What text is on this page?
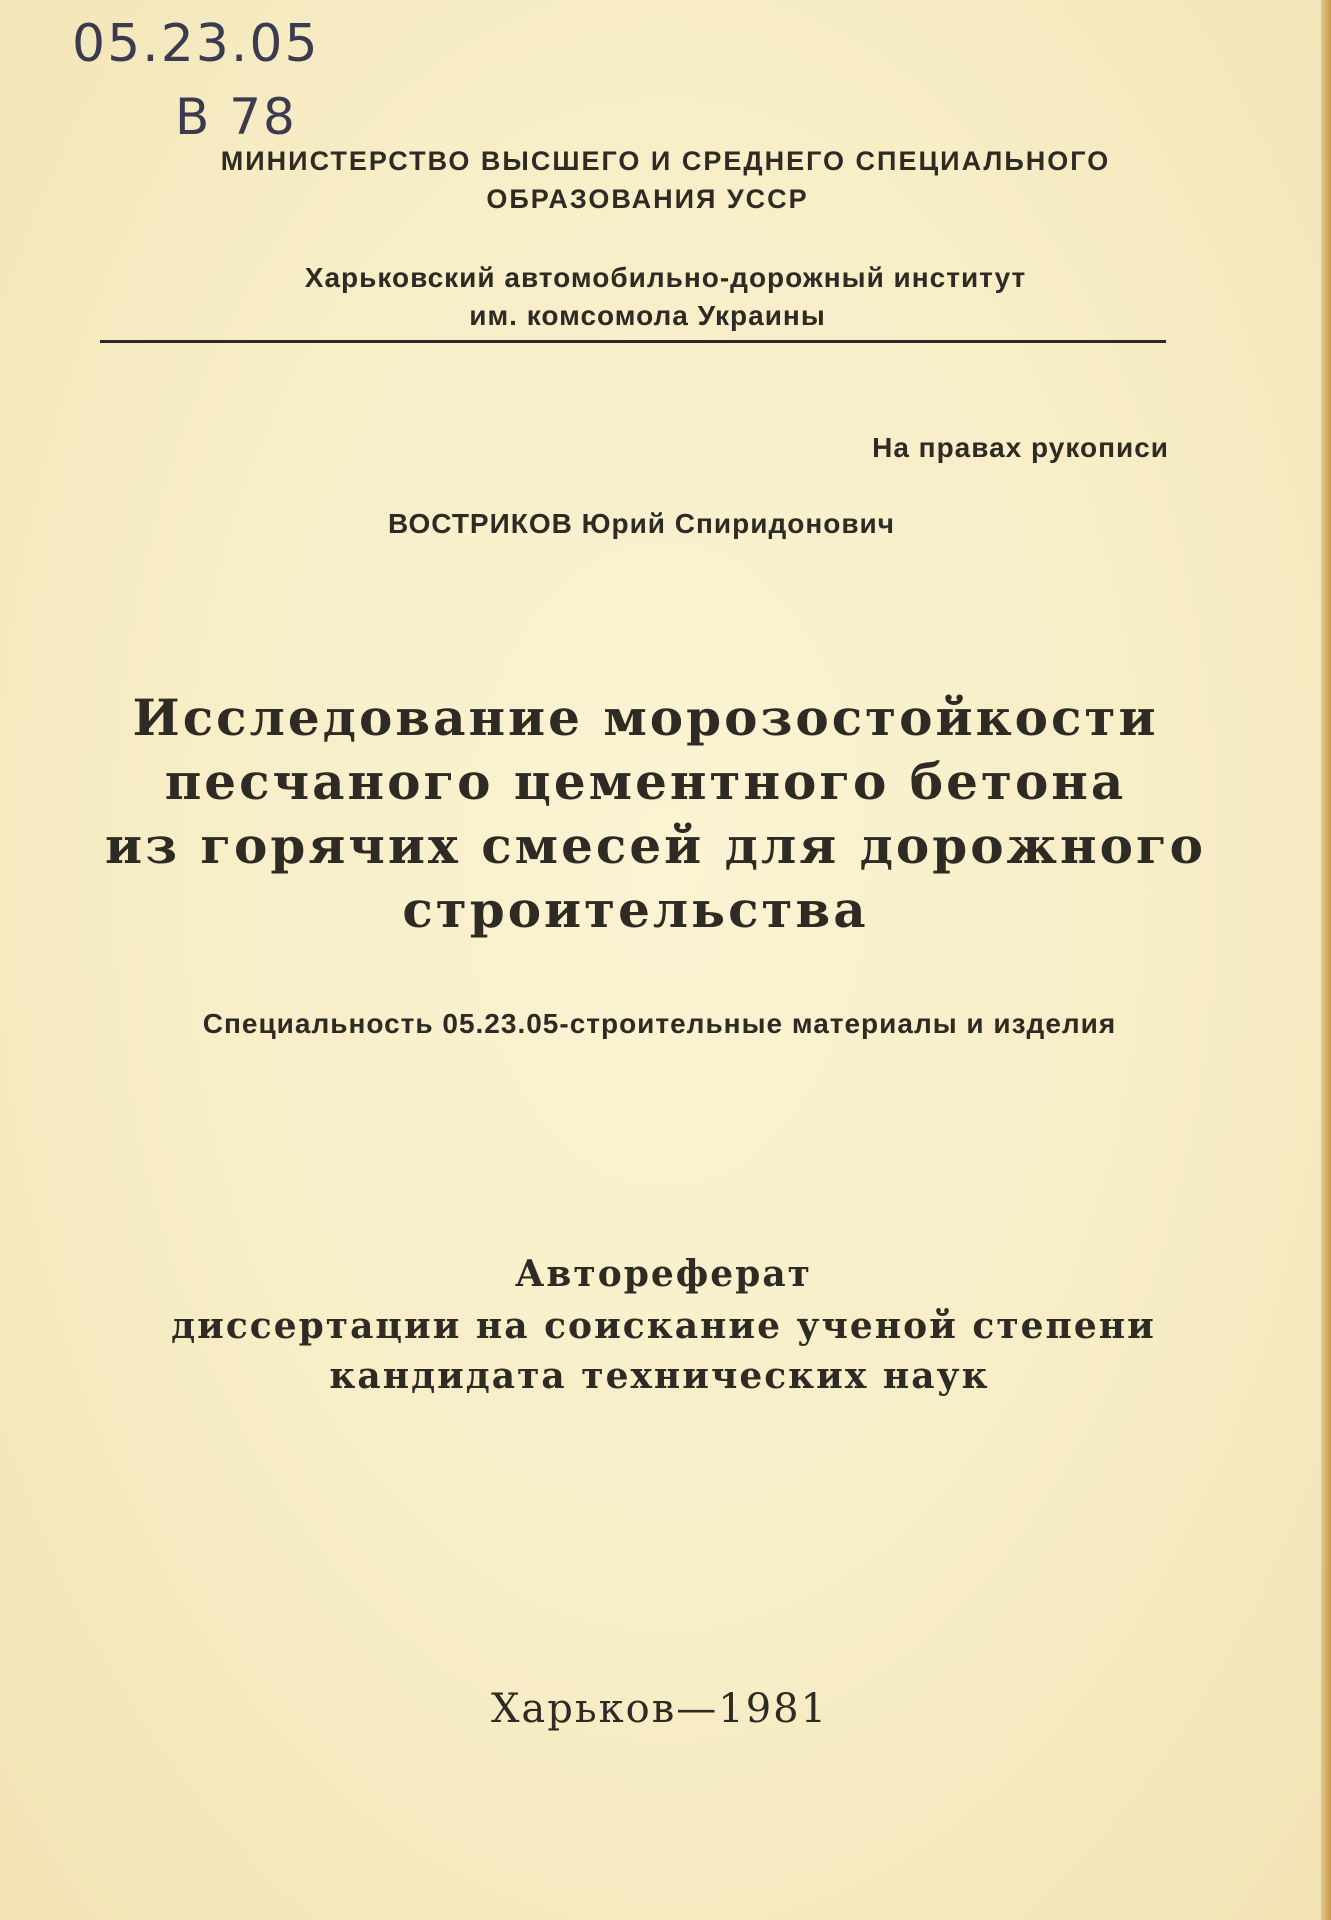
05.23.05
B 78
МИНИСТЕРСТВО ВЫСШЕГО И СРЕДНЕГО СПЕЦИАЛЬНОГО
ОБРАЗОВАНИЯ УССР
Харьковский автомобильно-дорожный институт
им. комсомола Украины
На правах рукописи
ВОСТРИКОВ Юрий Спиридонович
Исследование морозостойкости
песчаного цементного бетона
из горячих смесей для дорожного
строительства
Специальность 05.23.05-строительные материалы и изделия
Автореферат
диссертации на соискание ученой степени
кандидата технических наук
Харьков—1981
